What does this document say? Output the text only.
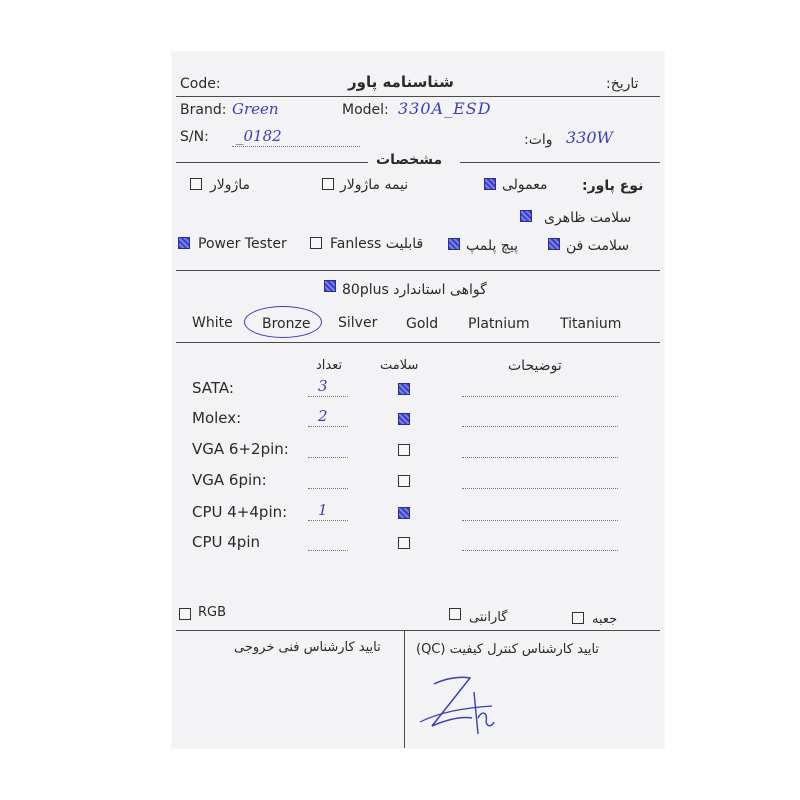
Code:	شناسنامه پاور	تاریخ:
Brand: Green	Model: 330A_ESD
S/N: _0182	وات: 330W
مشخصات
ماژولار	نیمه ماژولار	معمولی نوع پاور:
سلامت ظاهری
Power Tester	قابلیت Fanless	پیچ پلمپ	سلامت فن
گواهی استاندارد 80plus
White Bronze Silver Gold Platnium Titanium
تعداد	سلامت	توضیحات
SATA:	3
Molex:	2
VGA 6+2pin:
VGA 6pin:
CPU 4+4pin: 1
CPU 4pin
RGB	گارانتی	جعبه
تایید کارشناس فنی خروجی	تایید کارشناس کنترل کیفیت (QC)
